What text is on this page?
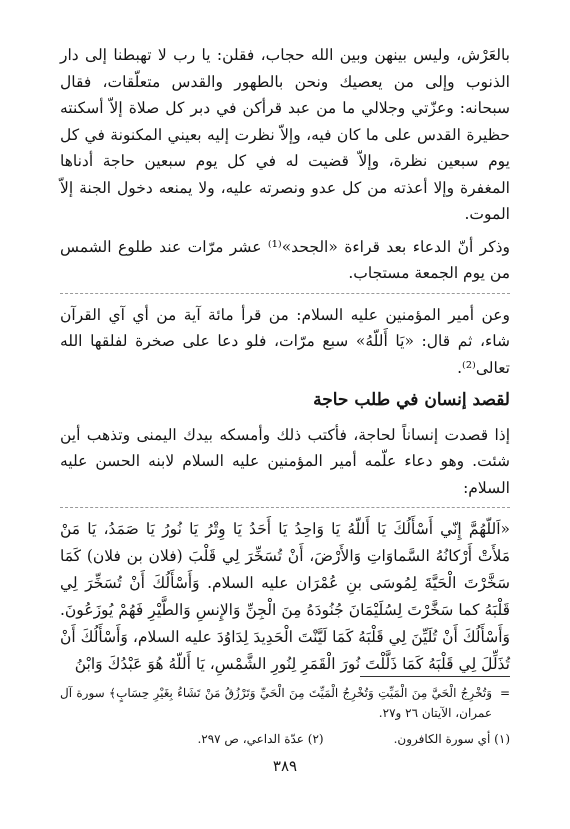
بالعَرْش، وليس بينهن وبين الله حجاب، فقلن: يا رب لا تهبطنا إلى دار الذنوب وإلى من يعصيك ونحن بالطهور والقدس متعلّقات، فقال سبحانه: وعزّتي وجلالي ما من عبد قرأكن في دبر كل صلاة إلاّ أسكنته حظيرة القدس على ما كان فيه، وإلاّ نظرت إليه بعيني المكنونة في كل يوم سبعين نظرة، وإلاّ قضيت له في كل يوم سبعين حاجة أدناها المغفرة وإلا أعذته من كل عدو ونصرته عليه، ولا يمنعه دخول الجنة إلاّ الموت.

وذكر أنّ الدعاء بعد قراءة «الجحد»⁽¹⁾ عشر مرّات عند طلوع الشمس من يوم الجمعة مستجاب.

وعن أمير المؤمنين عليه السلام: من قرأ مائة آية من أي آي القرآن شاء، ثم قال: «يَا أَللّهُ» سبع مرّات، فلو دعا على صخرة لفلقها الله تعالى⁽²⁾.

لقصد إنسان في طلب حاجة

إذا قصدت إنساناً لحاجة، فأكتب ذلك وأمسكه بيدك اليمنى وتذهب أين شئت. وهو دعاء علّمه أمير المؤمنين عليه السلام لابنه الحسن عليه السلام:

«اَللّهُمَّ إِنّي أَسْأَلُكَ يَا أَللّهُ يَا وَاحِدُ يَا أَحَدُ يَا وِتْرُ يَا نُورُ يَا صَمَدُ، يَا مَنْ مَلأَتْ أَرْكانُهُ السَّماوَاتِ وَالأَرْضَ، أَنْ تُسَخِّرَ لِي قَلْبَ (فلان بن فلان) كَمَا سَخَّرْتَ الْحَيَّةَ لِمُوسَى بنِ عُمْرَان عليه السلام. وَأَسْأَلُكَ أَنْ تُسَخِّرَ لِي قَلْبَهُ كما سَخَّرْتَ لِسُلَيْمَانَ جُنُودَهُ مِنَ الْجِنِّ وَالإِنسِ وَالطَّيْرِ فَهُمْ يُوزَعُونَ. وَأَسْأَلُكَ أَنْ تُلَيِّنَ لِي قَلْبَهُ كَمَا لَيَّنْتَ الْحَدِيدَ لِدَاوُدَ عليه السلام، وَأَسْأَلُكَ أَنْ تُذَلِّلَ لِي قَلْبَهُ كَمَا ذَلَّلْتَ نُورَ الْقَمَرِ لِنُورِ الشَّمْسِ، يَا أَللّهُ هُوَ عَبْدُكَ وَابْنُ

=
وَتُخْرِجُ الْحَيَّ مِنَ الْمَيِّتِ وَتُخْرِجُ الْمَيِّتَ مِنَ الْحَيِّ وَتَرْزُقُ مَنْ تَشَاءُ بِغَيْرِ حِسَابٍ﴾ سورة آل عمران، الآيتان ٢٦ و٢٧.
(١) أي سورة الكافرون.
(٢) عدّة الداعي، ص ٢٩٧.
٣٨٩
